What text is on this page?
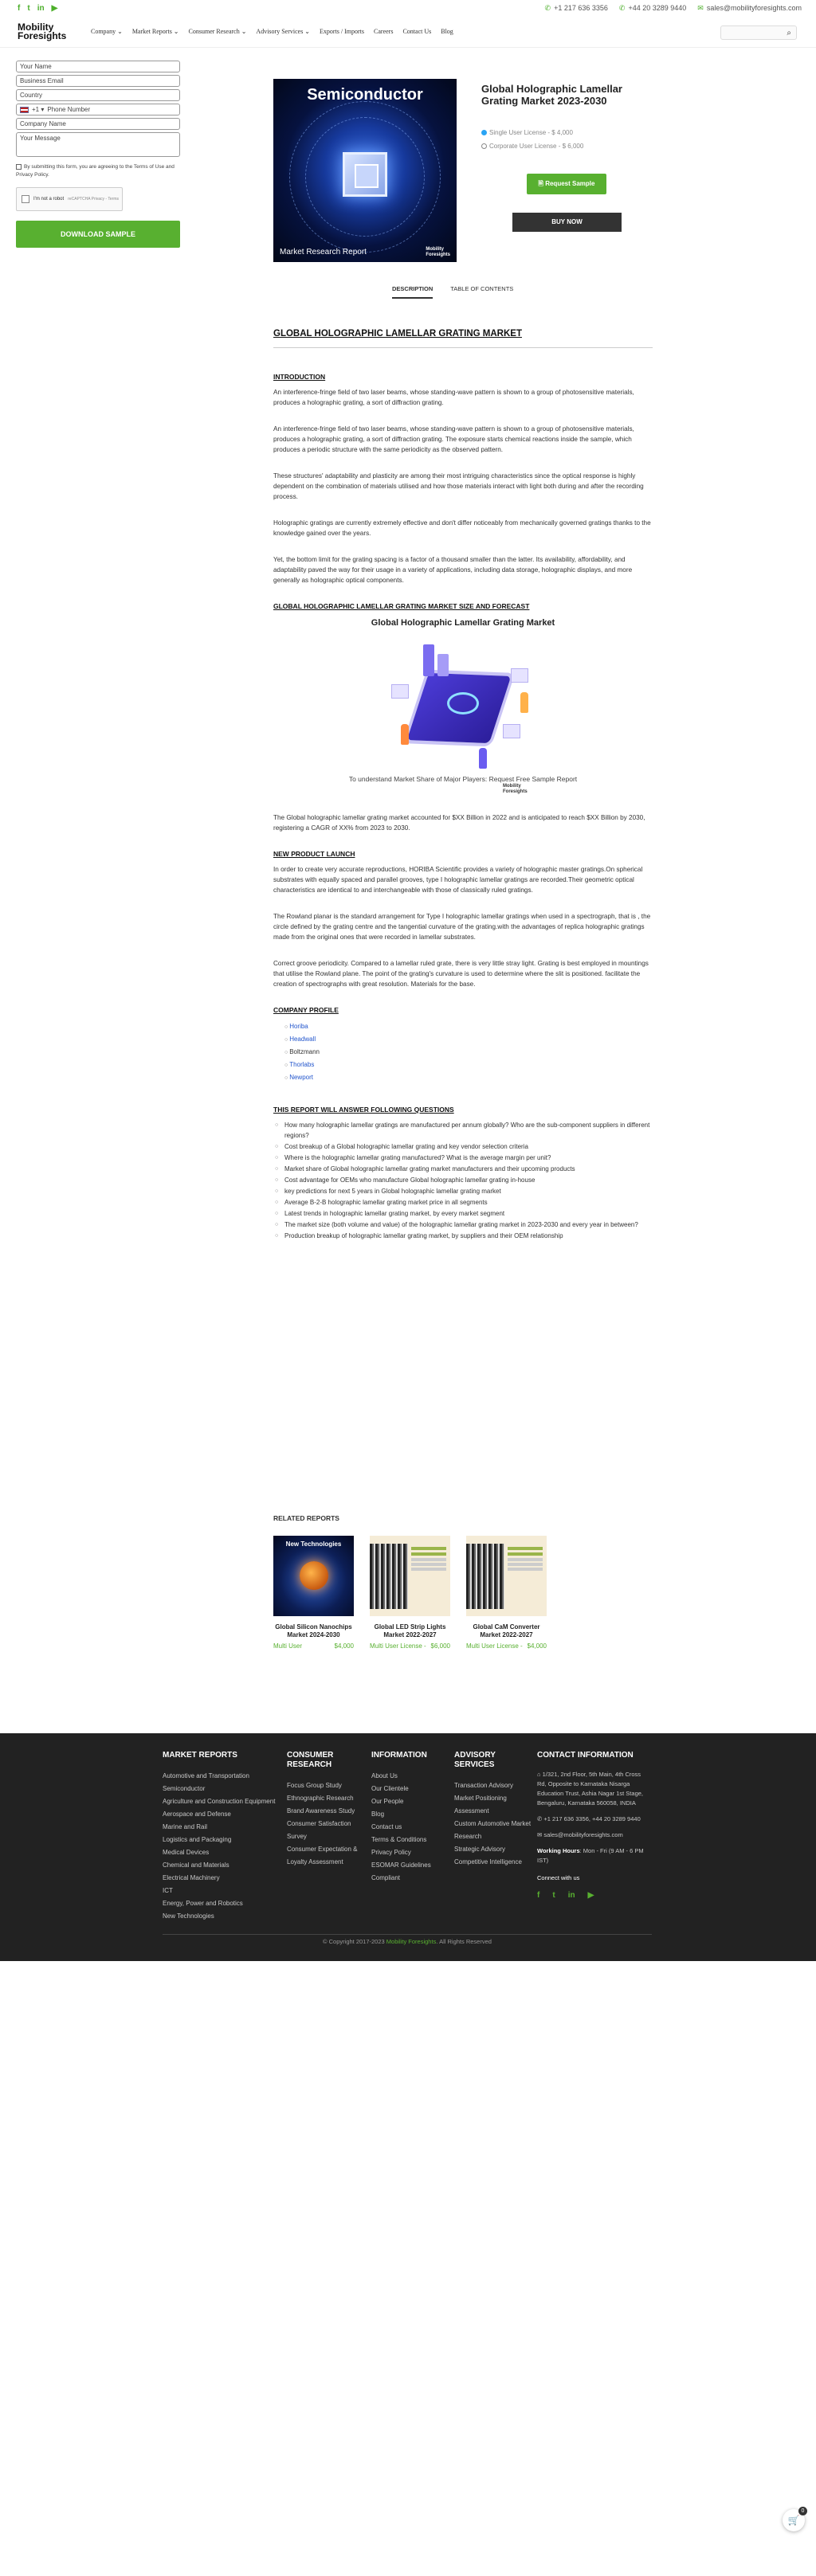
f t in ▶	✆ +1 217 636 3356 ✆ +44 20 3289 9440 ✉ sales@mobilityforesights.com
Mobility
Foresights	Company ⌄ Market Reports ⌄ Consumer Research ⌄ Advisory Services ⌄ Exports / Imports Careers Contact Us Blog	⌕
Your Name
Business Email
Country
+1 ▾ Phone Number
Company Name
Your Message
By submitting this form, you are agreeing to the Terms of Use and Privacy Policy.
I'm not a robot reCAPTCHA Privacy - Terms
DOWNLOAD SAMPLE
Semiconductor
Market Research Report	Mobility
Foresights
Global Holographic Lamellar Grating Market 2023-2030
Single User License - $ 4,000
Corporate User License - $ 6,000
🖹 Request Sample
BUY NOW
DESCRIPTION	TABLE OF CONTENTS
GLOBAL HOLOGRAPHIC LAMELLAR GRATING MARKET
INTRODUCTION

An interference-fringe field of two laser beams, whose standing-wave pattern is shown to a group of photosensitive materials, produces a holographic grating, a sort of diffraction grating.

An interference-fringe field of two laser beams, whose standing-wave pattern is shown to a group of photosensitive materials, produces a holographic grating, a sort of diffraction grating. The exposure starts chemical reactions inside the sample, which produces a periodic structure with the same periodicity as the observed pattern.

These structures' adaptability and plasticity are among their most intriguing characteristics since the optical response is highly dependent on the combination of materials utilised and how those materials interact with light both during and after the recording process.

Holographic gratings are currently extremely effective and don't differ noticeably from mechanically governed gratings thanks to the knowledge gained over the years.

Yet, the bottom limit for the grating spacing is a factor of a thousand smaller than the latter. Its availability, affordability, and adaptability paved the way for their usage in a variety of applications, including data storage, holographic displays, and more generally as holographic optical components.

GLOBAL HOLOGRAPHIC LAMELLAR GRATING MARKET SIZE AND FORECAST
Global Holographic Lamellar Grating Market
To understand Market Share of Major Players: Request Free Sample Report
Mobility
Foresights

The Global holographic lamellar grating market accounted for $XX Billion in 2022 and is anticipated to reach $XX Billion by 2030, registering a CAGR of XX% from 2023 to 2030.

NEW PRODUCT LAUNCH

In order to create very accurate reproductions, HORIBA Scientific provides a variety of holographic master gratings.On spherical substrates with equally spaced and parallel grooves, type I holographic lamellar gratings are recorded.Their geometric optical characteristics are identical to and interchangeable with those of classically ruled gratings.

The Rowland planar is the standard arrangement for Type I holographic lamellar gratings when used in a spectrograph, that is , the circle defined by the grating centre and the tangential curvature of the grating.with the advantages of replica holographic gratings made from the original ones that were recorded in lamellar substrates.

Correct groove periodicity. Compared to a lamellar ruled grate, there is very little stray light. Grating is best employed in mountings that utilise the Rowland plane. The point of the grating's curvature is used to determine where the slit is positioned. facilitate the creation of spectrographs with great resolution. Materials for the base.

COMPANY PROFILE
○ Horiba
○ Headwall
○ Boltzmann
○ Thorlabs
○ Newport
THIS REPORT WILL ANSWER FOLLOWING QUESTIONS
○ How many holographic lamellar gratings are manufactured per annum globally? Who are the sub-component suppliers in different regions?
○ Cost breakup of a Global holographic lamellar grating and key vendor selection criteria
○ Where is the holographic lamellar grating manufactured? What is the average margin per unit?
○ Market share of Global holographic lamellar grating market manufacturers and their upcoming products
○ Cost advantage for OEMs who manufacture Global holographic lamellar grating in-house
○ key predictions for next 5 years in Global holographic lamellar grating market
○ Average B-2-B holographic lamellar grating market price in all segments
○ Latest trends in holographic lamellar grating market, by every market segment
○ The market size (both volume and value) of the holographic lamellar grating market in 2023-2030 and every year in between?
○ Production breakup of holographic lamellar grating market, by suppliers and their OEM relationship
RELATED REPORTS
New Technologies
Global Silicon Nanochips Market 2024-2030
Multi User	$4,000
Global LED Strip Lights Market 2022-2027
Multi User License - $6,000
Global CaM Converter Market 2022-2027
Multi User License - $4,000
MARKET REPORTS
Automotive and Transportation
Semiconductor
Agriculture and Construction Equipment
Aerospace and Defense
Marine and Rail
Logistics and Packaging
Medical Devices
Chemical and Materials
Electrical Machinery
ICT
Energy, Power and Robotics
New Technologies
CONSUMER RESEARCH
Focus Group Study
Ethnographic Research
Brand Awareness Study
Consumer Satisfaction Survey
Consumer Expectation & Loyalty Assessment
INFORMATION
About Us
Our Clientele
Our People
Blog
Contact us
Terms & Conditions
Privacy Policy
ESOMAR Guidelines Compliant
ADVISORY SERVICES
Transaction Advisory
Market Positioning Assessment
Custom Automotive Market Research
Strategic Advisory
Competitive Intelligence
CONTACT INFORMATION
⌂ 1/321, 2nd Floor, 5th Main, 4th Cross Rd, Opposite to Karnataka Nisarga Education Trust, Ashia Nagar 1st Stage, Bengaluru, Karnataka 560058, INDIA
✆ +1 217 636 3356, +44 20 3289 9440
✉ sales@mobilityforesights.com
Working Hours: Mon - Fri (9 AM - 6 PM IST)
Connect with us
f t in ▶
© Copyright 2017-2023 Mobility Foresights. All Rights Reserved
🛒
0
